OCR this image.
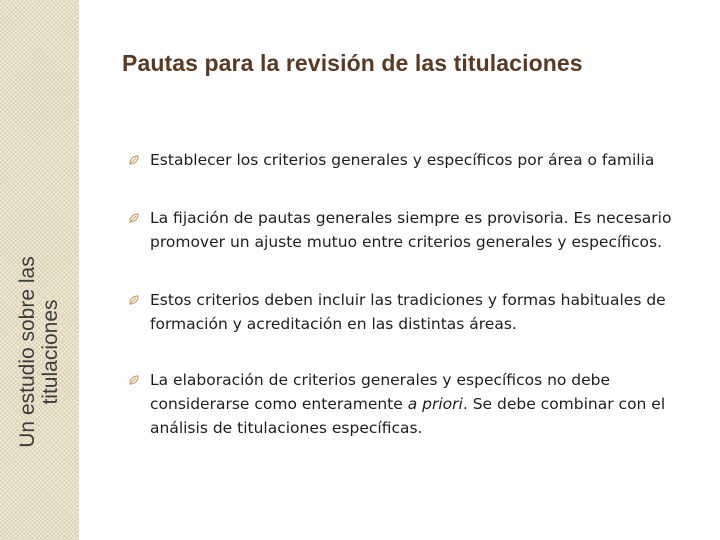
Un estudio sobre las titulaciones
Pautas para la revisión de las titulaciones
Establecer los criterios generales y específicos por área o familia
La fijación de pautas generales siempre es provisoria. Es necesario promover un ajuste mutuo entre criterios generales y específicos.
Estos criterios deben incluir las tradiciones y formas habituales de formación y acreditación en las distintas áreas.
La elaboración de criterios generales y específicos no debe considerarse como enteramente a priori. Se debe combinar con el análisis de titulaciones específicas.
